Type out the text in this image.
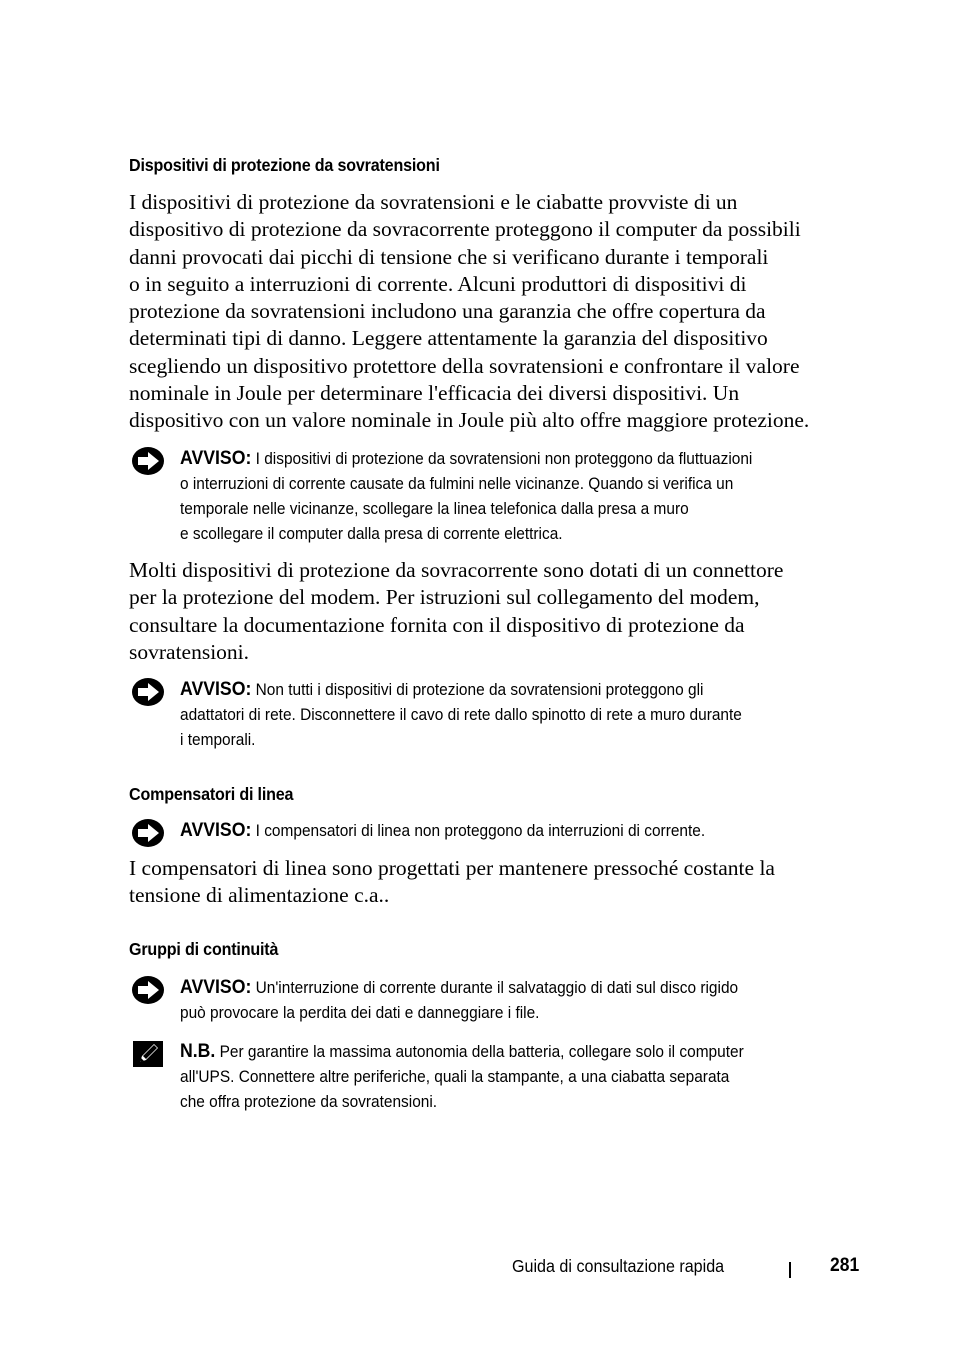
Dispositivi di protezione da sovratensioni
I dispositivi di protezione da sovratensioni e le ciabatte provviste di un
dispositivo di protezione da sovracorrente proteggono il computer da possibili
danni provocati dai picchi di tensione che si verificano durante i temporali
o in seguito a interruzioni di corrente. Alcuni produttori di dispositivi di
protezione da sovratensioni includono una garanzia che offre copertura da
determinati tipi di danno. Leggere attentamente la garanzia del dispositivo
scegliendo un dispositivo protettore della sovratensioni e confrontare il valore
nominale in Joule per determinare l'efficacia dei diversi dispositivi. Un
dispositivo con un valore nominale in Joule più alto offre maggiore protezione.
AVVISO: I dispositivi di protezione da sovratensioni non proteggono da fluttuazioni
o interruzioni di corrente causate da fulmini nelle vicinanze. Quando si verifica un
temporale nelle vicinanze, scollegare la linea telefonica dalla presa a muro
e scollegare il computer dalla presa di corrente elettrica.
Molti dispositivi di protezione da sovracorrente sono dotati di un connettore
per la protezione del modem. Per istruzioni sul collegamento del modem,
consultare la documentazione fornita con il dispositivo di protezione da
sovratensioni.
AVVISO: Non tutti i dispositivi di protezione da sovratensioni proteggono gli
adattatori di rete. Disconnettere il cavo di rete dallo spinotto di rete a muro durante
i temporali.
Compensatori di linea
AVVISO: I compensatori di linea non proteggono da interruzioni di corrente.
I compensatori di linea sono progettati per mantenere pressoché costante la
tensione di alimentazione c.a..
Gruppi di continuità
AVVISO: Un'interruzione di corrente durante il salvataggio di dati sul disco rigido
può provocare la perdita dei dati e danneggiare i file.
N.B. Per garantire la massima autonomia della batteria, collegare solo il computer
all'UPS. Connettere altre periferiche, quali la stampante, a una ciabatta separata
che offra protezione da sovratensioni.
Guida di consultazione rapida	281
